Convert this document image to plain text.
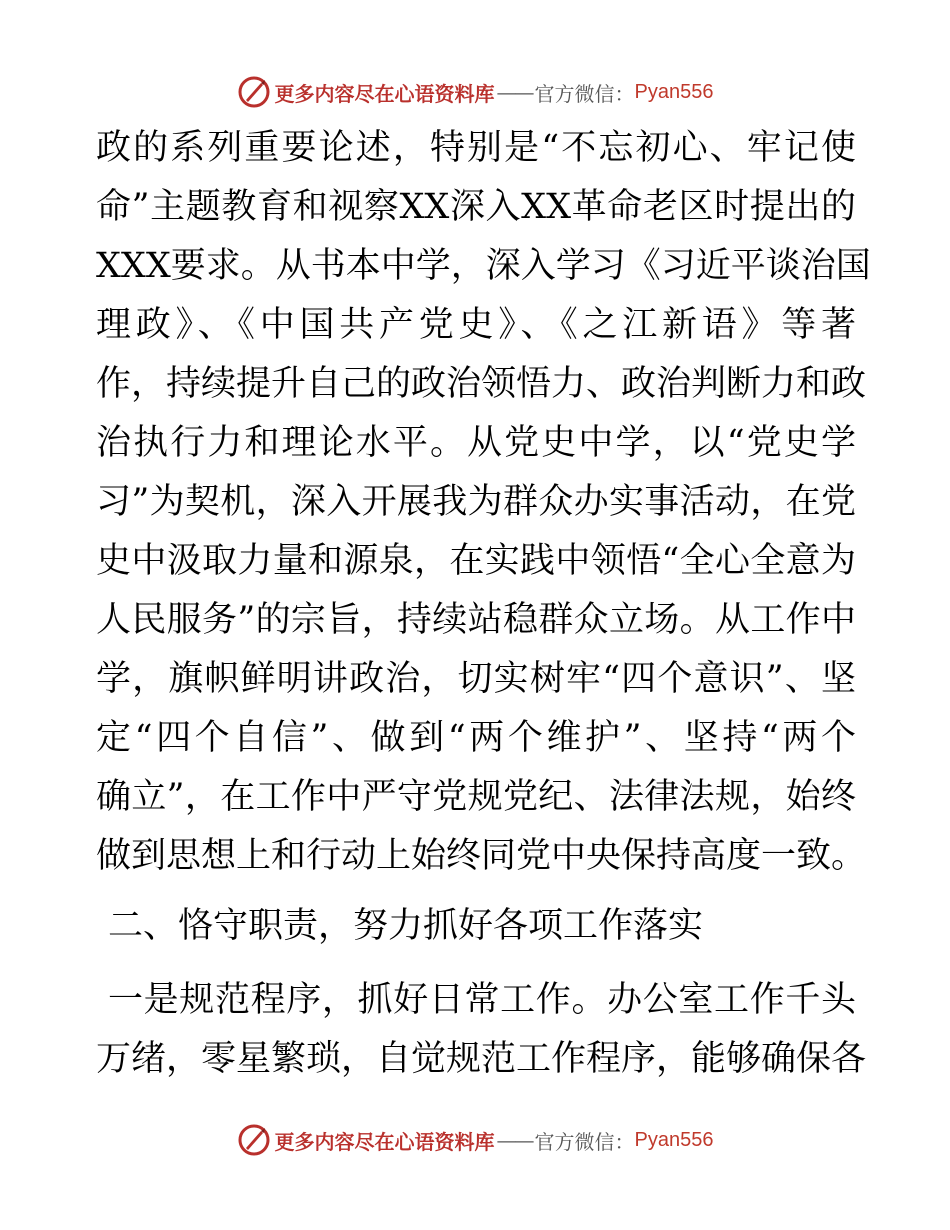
更多内容尽在心语资料库 —— 官方微信： Pyan556
政的系列重要论述，特别是“不忘初心、牢记使
命”主题教育和视察XX深入XX革命老区时提出的
XXX要求。从书本中学，深入学习《习近平谈治国
理政》、《中国共产党史》、《之江新语》等著
作，持续提升自己的政治领悟力、政治判断力和政
治执行力和理论水平。从党史中学，以“党史学
习”为契机，深入开展我为群众办实事活动，在党
史中汲取力量和源泉，在实践中领悟“全心全意为
人民服务”的宗旨，持续站稳群众立场。从工作中
学，旗帜鲜明讲政治，切实树牢“四个意识”、坚
定“四个自信”、做到“两个维护”、坚持“两个
确立”，在工作中严守党规党纪、法律法规，始终
做到思想上和行动上始终同党中央保持高度一致。
二、恪守职责，努力抓好各项工作落实
一是规范程序，抓好日常工作。办公室工作千头
万绪，零星繁琐，自觉规范工作程序，能够确保各
更多内容尽在心语资料库 —— 官方微信： Pyan556
